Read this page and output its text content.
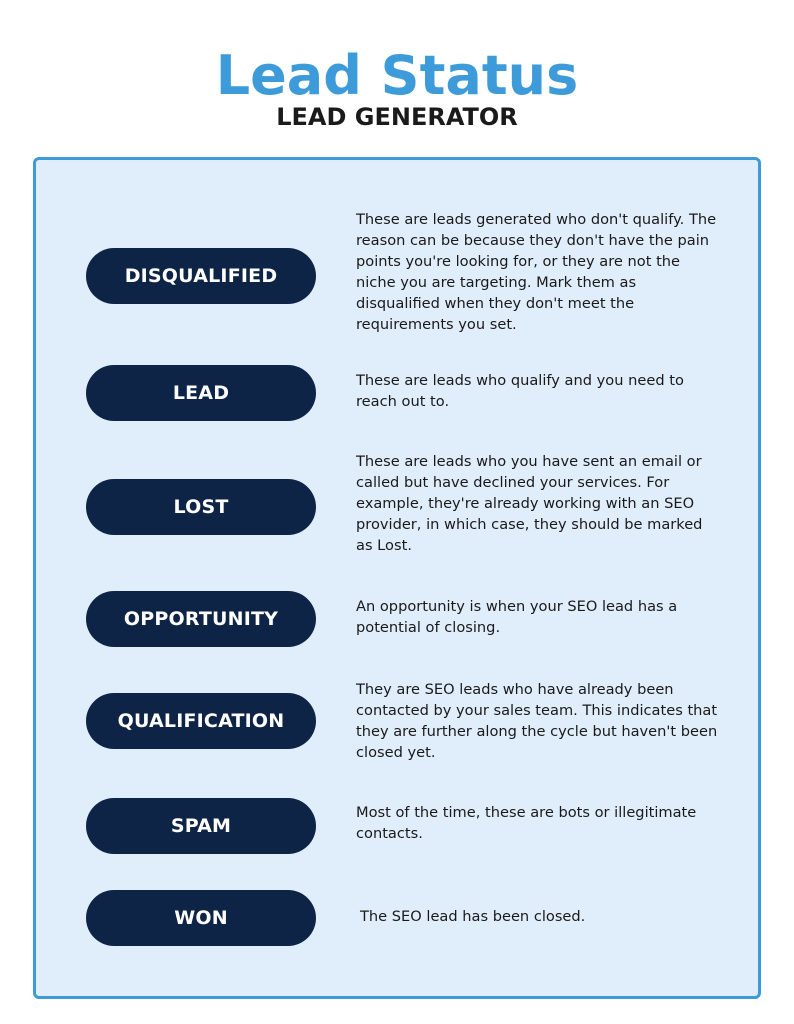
Lead Status
LEAD GENERATOR
DISQUALIFIED

These are leads generated who don't qualify. The reason can be because they don't have the pain points you're looking for, or they are not the niche you are targeting. Mark them as disqualified when they don't meet the requirements you set.

LEAD

These are leads who qualify and you need to reach out to.

LOST

These are leads who you have sent an email or called but have declined your services. For example, they're already working with an SEO provider, in which case, they should be marked as Lost.

OPPORTUNITY

An opportunity is when your SEO lead has a potential of closing.

QUALIFICATION

They are SEO leads who have already been contacted by your sales team. This indicates that they are further along the cycle but haven't been closed yet.

SPAM

Most of the time, these are bots or illegitimate contacts.

WON	The SEO lead has been closed.
